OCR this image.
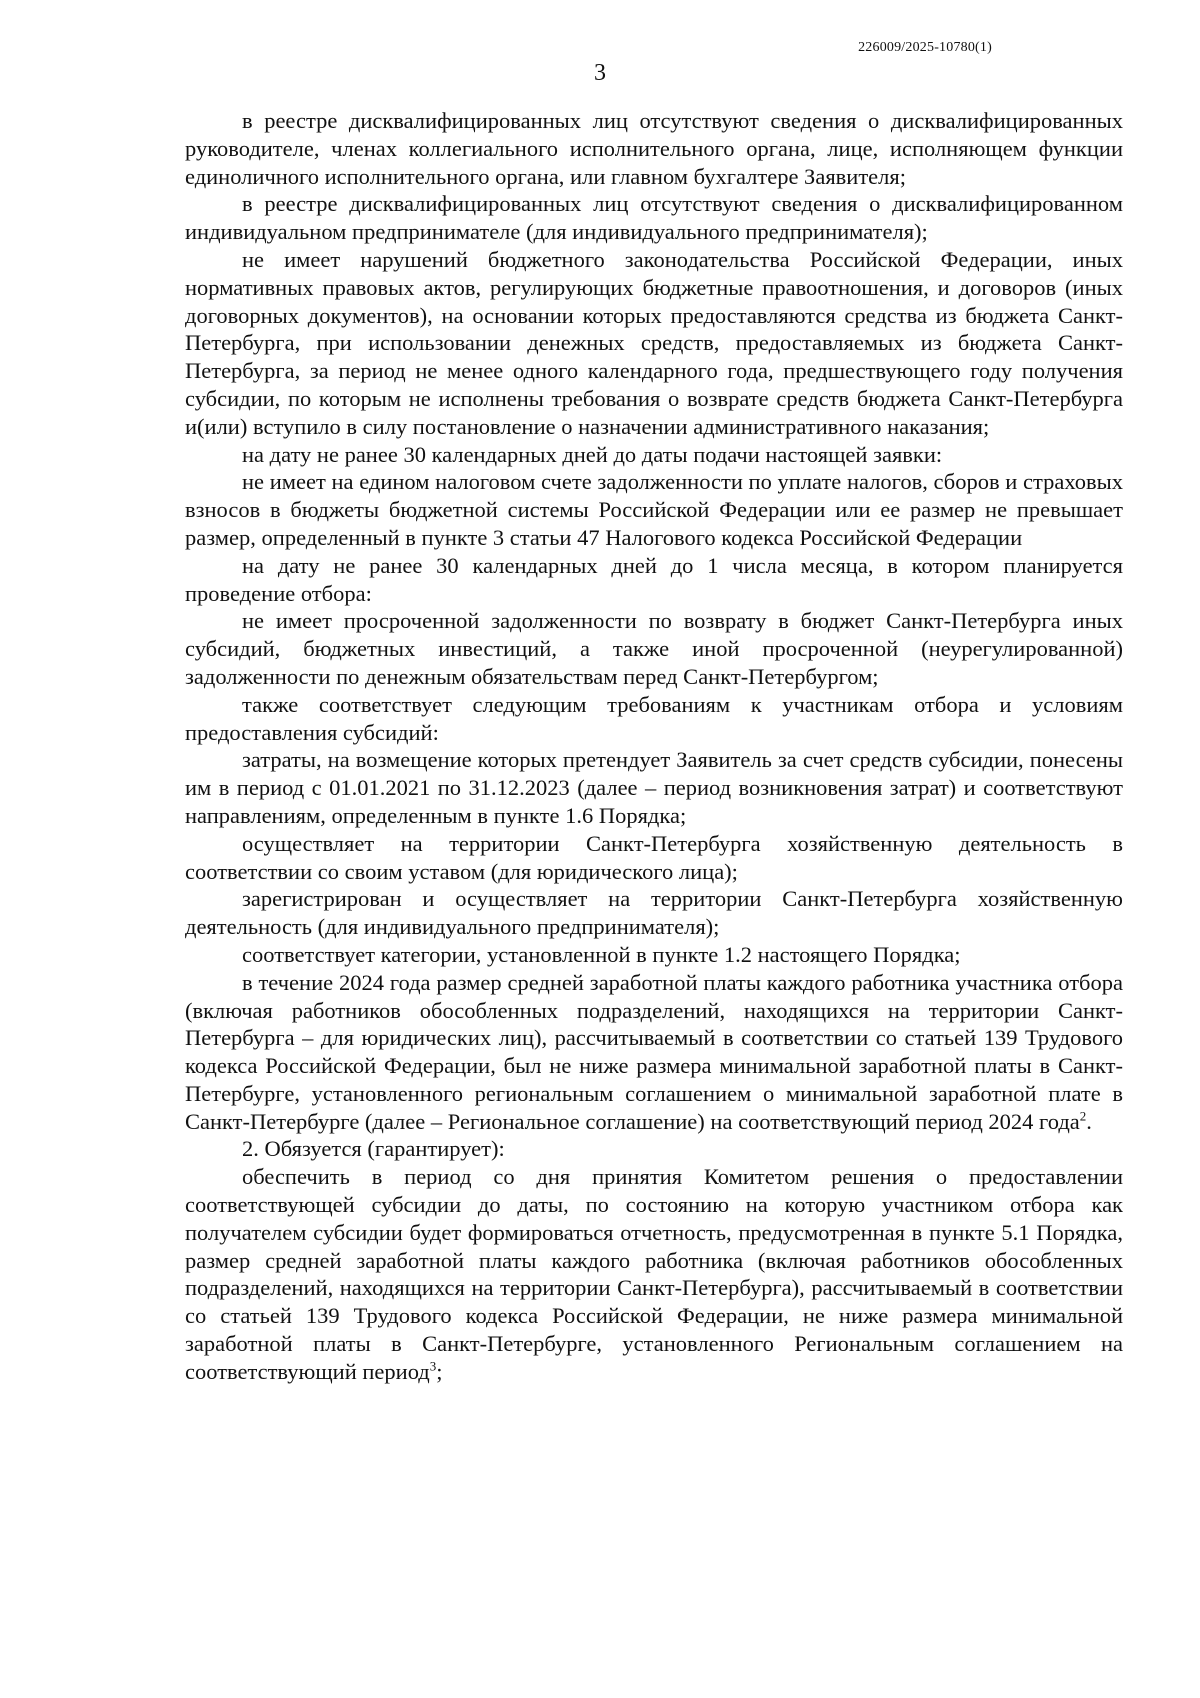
226009/2025-10780(1)
3

в реестре дисквалифицированных лиц отсутствуют сведения о дисквалифицированных руководителе, членах коллегиального исполнительного органа, лице, исполняющем функции единоличного исполнительного органа, или главном бухгалтере Заявителя;

в реестре дисквалифицированных лиц отсутствуют сведения о дисквалифицированном индивидуальном предпринимателе (для индивидуального предпринимателя);

не имеет нарушений бюджетного законодательства Российской Федерации, иных нормативных правовых актов, регулирующих бюджетные правоотношения, и договоров (иных договорных документов), на основании которых предоставляются средства из бюджета Санкт-Петербурга, при использовании денежных средств, предоставляемых из бюджета Санкт-Петербурга, за период не менее одного календарного года, предшествующего году получения субсидии, по которым не исполнены требования о возврате средств бюджета Санкт-Петербурга и(или) вступило в силу постановление о назначении административного наказания;

на дату не ранее 30 календарных дней до даты подачи настоящей заявки:

не имеет на едином налоговом счете задолженности по уплате налогов, сборов и страховых взносов в бюджеты бюджетной системы Российской Федерации или ее размер не превышает размер, определенный в пункте 3 статьи 47 Налогового кодекса Российской Федерации

на дату не ранее 30 календарных дней до 1 числа месяца, в котором планируется проведение отбора:

не имеет просроченной задолженности по возврату в бюджет Санкт-Петербурга иных субсидий, бюджетных инвестиций, а также иной просроченной (неурегулированной) задолженности по денежным обязательствам перед Санкт-Петербургом;

также соответствует следующим требованиям к участникам отбора и условиям предоставления субсидий:

затраты, на возмещение которых претендует Заявитель за счет средств субсидии, понесены им в период с 01.01.2021 по 31.12.2023 (далее – период возникновения затрат) и соответствуют направлениям, определенным в пункте 1.6 Порядка;

осуществляет на территории Санкт-Петербурга хозяйственную деятельность в соответствии со своим уставом (для юридического лица);

зарегистрирован и осуществляет на территории Санкт-Петербурга хозяйственную деятельность (для индивидуального предпринимателя);

соответствует категории, установленной в пункте 1.2 настоящего Порядка;

в течение 2024 года размер средней заработной платы каждого работника участника отбора (включая работников обособленных подразделений, находящихся на территории Санкт-Петербурга – для юридических лиц), рассчитываемый в соответствии со статьей 139 Трудового кодекса Российской Федерации, был не ниже размера минимальной заработной платы в Санкт-Петербурге, установленного региональным соглашением о минимальной заработной плате в Санкт-Петербурге (далее – Региональное соглашение) на соответствующий период 2024 года$^2$.

2. Обязуется (гарантирует):

обеспечить в период со дня принятия Комитетом решения о предоставлении соответствующей субсидии до даты, по состоянию на которую участником отбора как получателем субсидии будет формироваться отчетность, предусмотренная в пункте 5.1 Порядка, размер средней заработной платы каждого работника (включая работников обособленных подразделений, находящихся на территории Санкт-Петербурга), рассчитываемый в соответствии со статьей 139 Трудового кодекса Российской Федерации, не ниже размера минимальной заработной платы в Санкт-Петербурге, установленного Региональным соглашением на соответствующий период$^3$;
